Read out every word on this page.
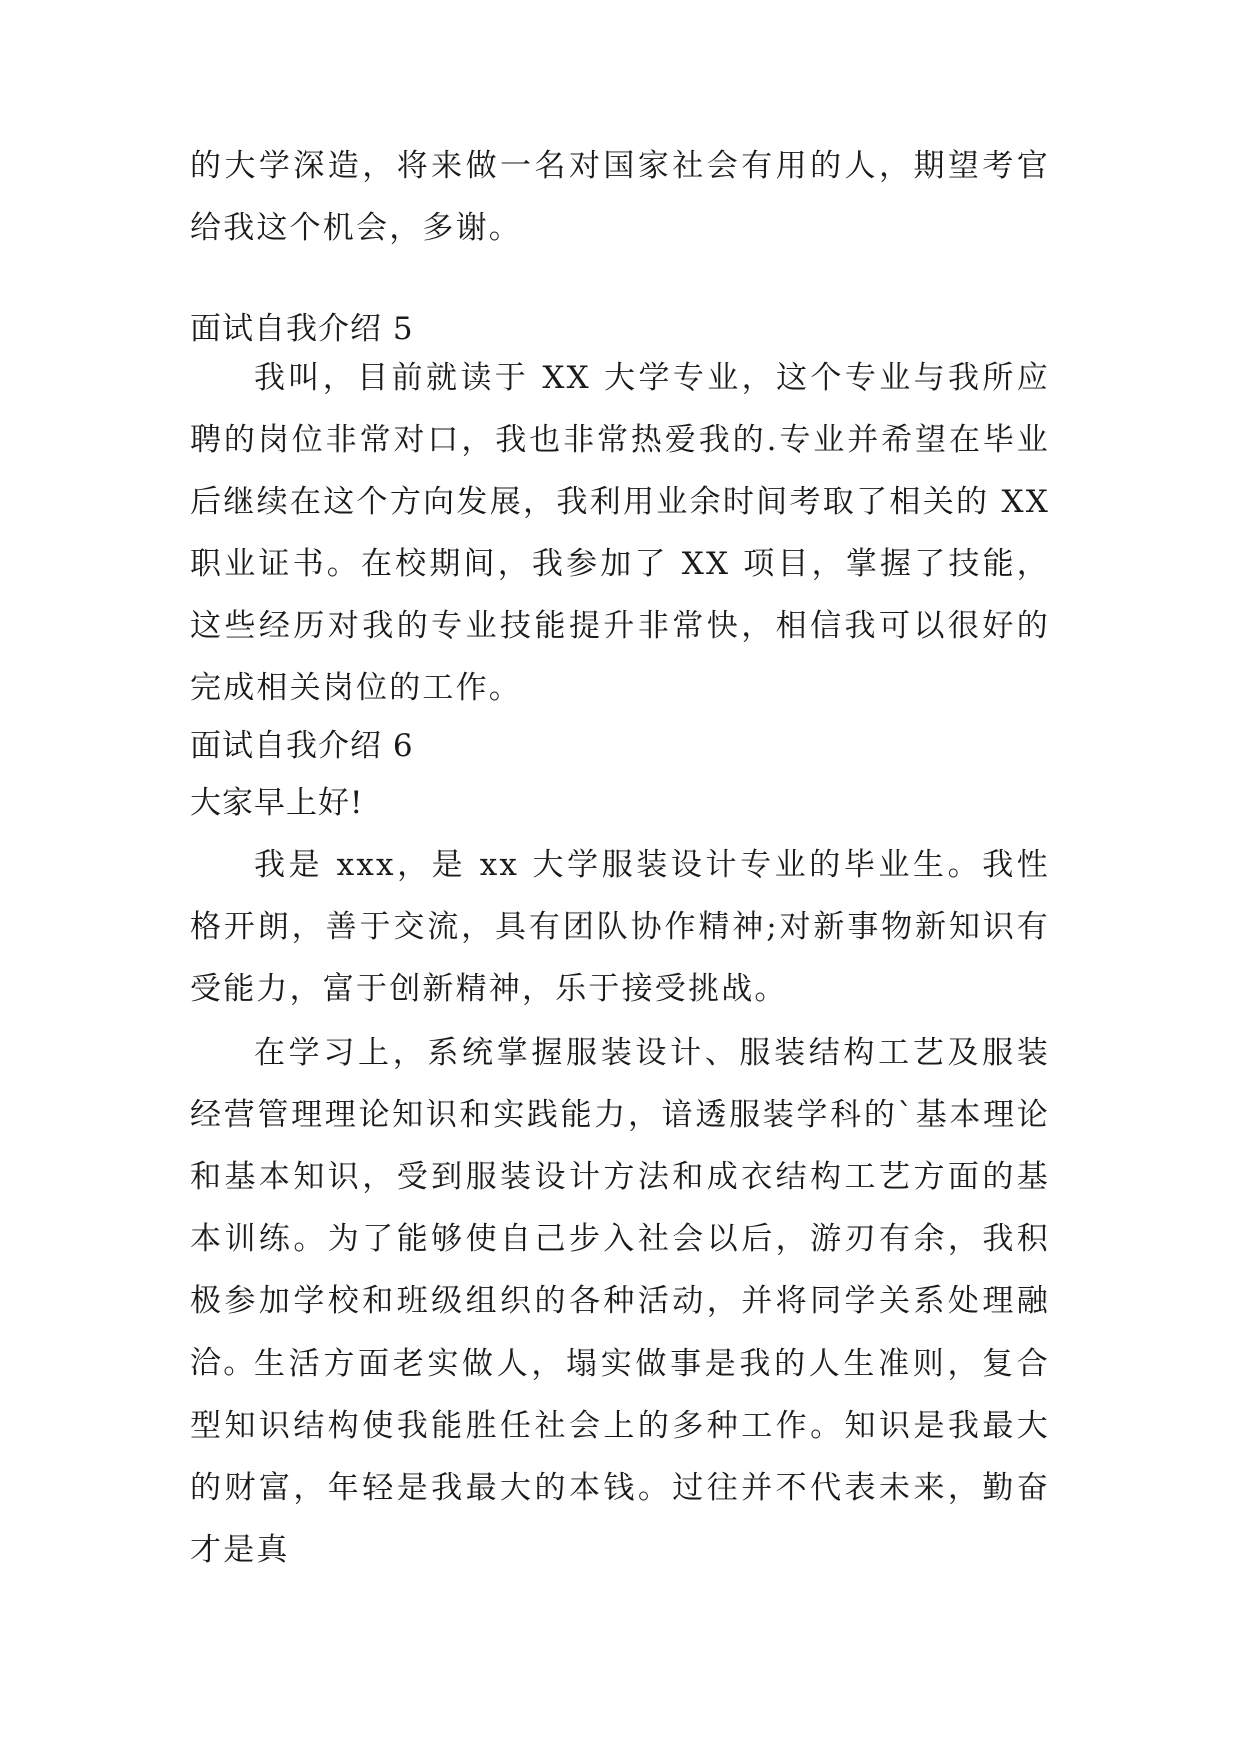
的大学深造，将来做一名对国家社会有用的人，期望考官给我这个机会，多谢。

面试自我介绍 5

我叫，目前就读于 XX 大学专业，这个专业与我所应聘的岗位非常对口，我也非常热爱我的.专业并希望在毕业后继续在这个方向发展，我利用业余时间考取了相关的 XX 职业证书。在校期间，我参加了 XX 项目，掌握了技能，这些经历对我的专业技能提升非常快，相信我可以很好的完成相关岗位的工作。

面试自我介绍 6
大家早上好!

我是 xxx，是 xx 大学服装设计专业的毕业生。我性格开朗，善于交流，具有团队协作精神;对新事物新知识有受能力，富于创新精神，乐于接受挑战。

在学习上，系统掌握服装设计、服装结构工艺及服装经营管理理论知识和实践能力，谙透服装学科的`基本理论和基本知识，受到服装设计方法和成衣结构工艺方面的基本训练。为了能够使自己步入社会以后，游刃有余，我积极参加学校和班级组织的各种活动，并将同学关系处理融洽。

生活方面老实做人，塌实做事是我的人生准则，复合型知识结构使我能胜任社会上的多种工作。知识是我最大的财富，年轻是我最大的本钱。过往并不代表未来，勤奋才是真
